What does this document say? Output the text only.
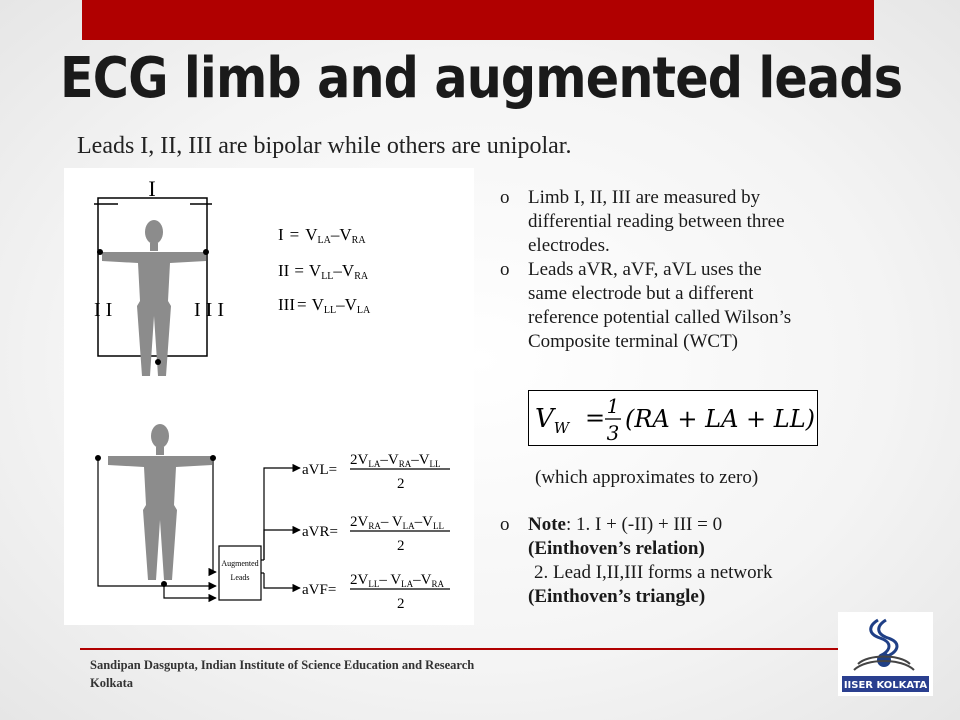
ECG limb and augmented leads
Leads I, II, III are bipolar while others are unipolar.
I
I I	I I I
I = VLA–VRA
II = VLL–VRA
III = VLL–VLA
Augmented Leads
aVL=
$2V_{LA}-V_{RA}-V_{LL}$
2
aVR=
$2V_{RA}-$ $V_{LA}-V_{LL}$
2
aVF=
$2V_{LL}-$ $V_{LA}-V_{RA}$
2
o Limb I, II, III are measured by
differential reading between three
electrodes.
o Leads aVR, aVF, aVL uses the
same electrode but a different
reference potential called Wilson’s
Composite terminal (WCT)
$V_W = 1$
3 (RA + LA + LL)
(which approximates to zero)
o Note: 1. I + (-II) + III = 0
(Einthoven’s relation)
2. Lead I,II,III forms a network
(Einthoven’s triangle)
Sandipan Dasgupta, Indian Institute of Science Education and Research
Kolkata	IISER KOLKATA
